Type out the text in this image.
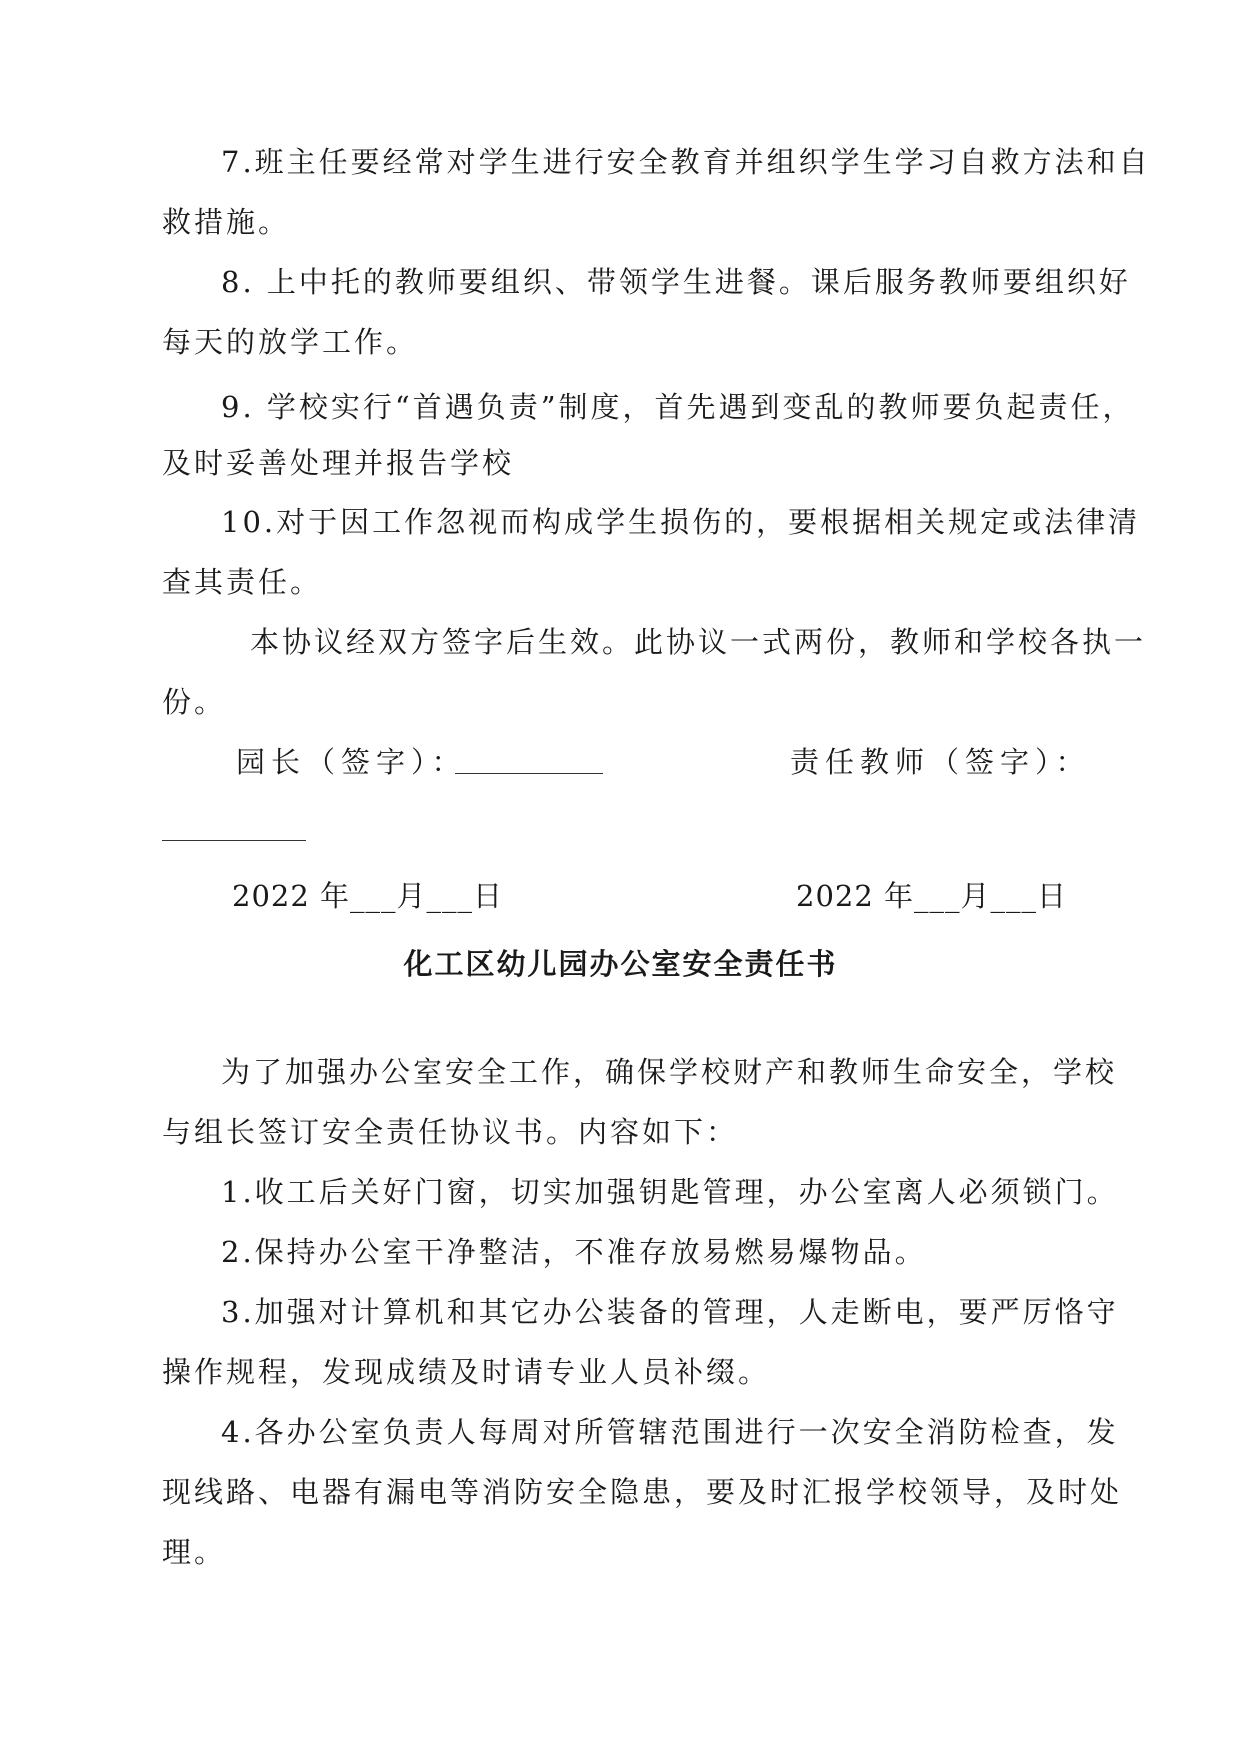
7.班主任要经常对学生进行安全教育并组织学生学习自救方法和自
救措施。
8. 上中托的教师要组织、带领学生进餐。课后服务教师要组织好
每天的放学工作。
9. 学校实行“首遇负责”制度，首先遇到变乱的教师要负起责任，
及时妥善处理并报告学校
10.对于因工作忽视而构成学生损伤的，要根据相关规定或法律清
查其责任。
本协议经双方签字后生效。此协议一式两份，教师和学校各执一
份。
园长（签字）：	责任教师（签字）：
2022 年___月___日	2022 年___月___日
化工区幼儿园办公室安全责任书
为了加强办公室安全工作，确保学校财产和教师生命安全，学校
与组长签订安全责任协议书。内容如下：
1.收工后关好门窗，切实加强钥匙管理，办公室离人必须锁门。
2.保持办公室干净整洁，不准存放易燃易爆物品。
3.加强对计算机和其它办公装备的管理，人走断电，要严厉恪守
操作规程，发现成绩及时请专业人员补缀。
4.各办公室负责人每周对所管辖范围进行一次安全消防检查，发
现线路、电器有漏电等消防安全隐患，要及时汇报学校领导，及时处
理。
